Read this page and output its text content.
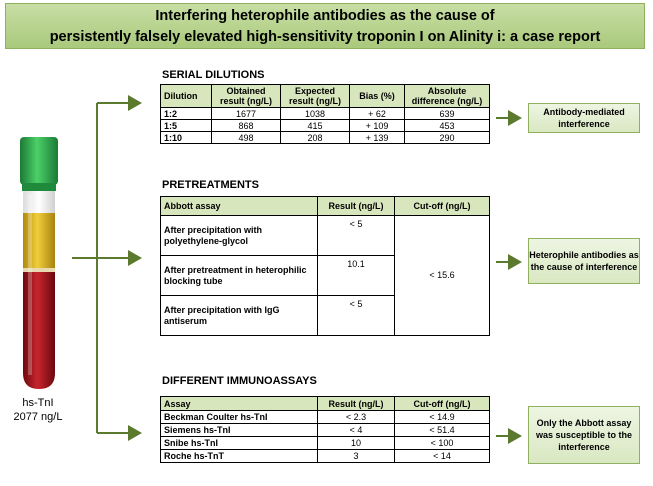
Interfering heterophile antibodies as the cause of
persistently falsely elevated high-sensitivity troponin I on Alinity i: a case report
hs-TnI
2077 ng/L
SERIAL DILUTIONS
Dilution	Obtained result (ng/L)	Expected result (ng/L)	Bias (%)	Absolute difference (ng/L)
1:2	1677	1038	+ 62	639
1:5	868	415	+ 109	453
1:10	498	208	+ 139	290
Antibody-mediated interference
PRETREATMENTS
Abbott assay	Result (ng/L)	Cut-off (ng/L)
After precipitation with polyethylene-glycol	< 5	< 15.6
After pretreatment in heterophilic blocking tube	10.1	
After precipitation with IgG antiserum	< 5	
Heterophile antibodies as the cause of interference
DIFFERENT IMMUNOASSAYS
Assay	Result (ng/L)	Cut-off (ng/L)
Beckman Coulter hs-TnI	< 2.3	< 14.9
Siemens hs-TnI	< 4	< 51.4
Snibe hs-TnI	10	< 100
Roche hs-TnT	3	< 14
Only the Abbott assay was susceptible to the interference
